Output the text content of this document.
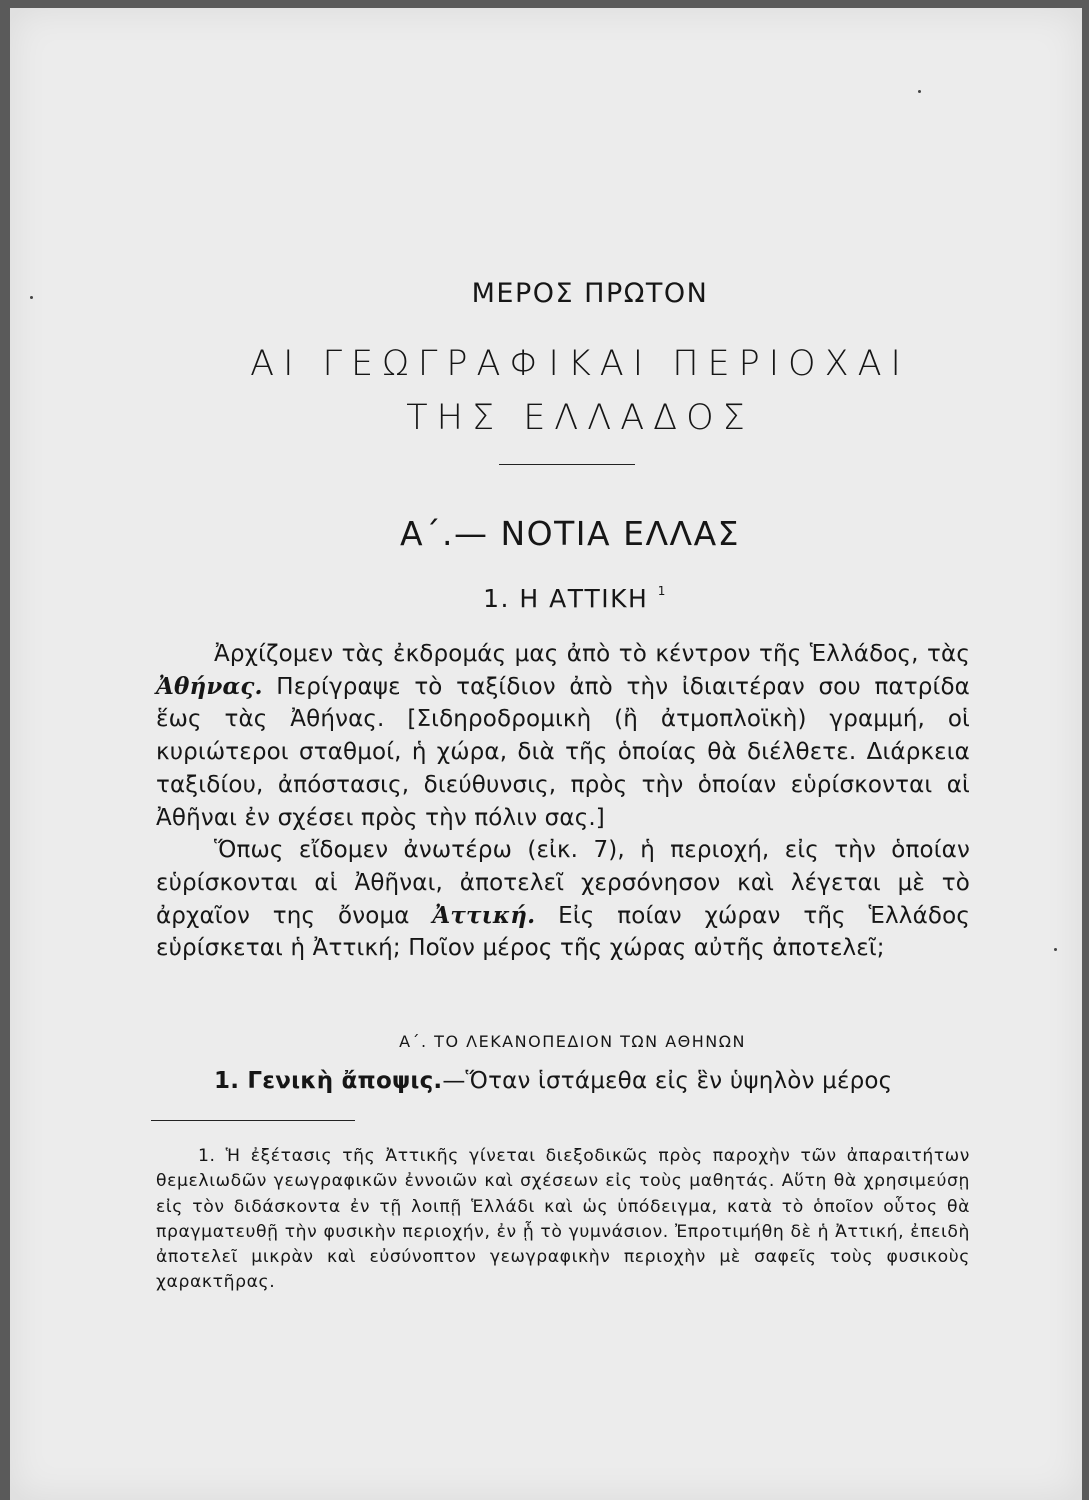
ΜΕΡΟΣ ΠΡΩΤΟΝ
ΑΙ ΓΕΩΓΡΑΦΙΚΑΙ ΠΕΡΙΟΧΑΙ
ΤΗΣ ΕΛΛΑΔΟΣ
Α΄.— ΝΟΤΙΑ ΕΛΛΑΣ
1. Η ΑΤΤΙΚΗ $^1$

Ἀρχίζομεν τὰς ἐκδρομάς μας ἀπὸ τὸ κέντρον τῆς Ἑλλάδος, τὰς Ἀθήνας. Περίγραψε τὸ ταξίδιον ἀπὸ τὴν ἰδιαιτέραν σου πατρίδα ἕως τὰς Ἀθήνας. [Σιδηροδρομικὴ (ἢ ἀτμοπλοϊκὴ) γραμμή, οἱ κυριώτεροι σταθμοί, ἡ χώρα, διὰ τῆς ὁποίας θὰ διέλθετε. Διάρκεια ταξιδίου, ἀπόστασις, διεύθυνσις, πρὸς τὴν ὁποίαν εὑρίσκονται αἱ Ἀθῆναι ἐν σχέσει πρὸς τὴν πόλιν σας.]

Ὅπως εἴδομεν ἀνωτέρω (εἰκ. 7), ἡ περιοχή, εἰς τὴν ὁποίαν εὑρίσκονται αἱ Ἀθῆναι, ἀποτελεῖ χερσόνησον καὶ λέγεται μὲ τὸ ἀρχαῖον της ὄνομα Ἀττική. Εἰς ποίαν χώραν τῆς Ἑλλάδος εὑρίσκεται ἡ Ἀττική; Ποῖον μέρος τῆς χώρας αὐτῆς ἀποτελεῖ;

Α΄. ΤΟ ΛΕΚΑΝΟΠΕΔΙΟΝ ΤΩΝ ΑΘΗΝΩΝ
1. Γενικὴ ἄποψις.—Ὅταν ἱστάμεθα εἰς ἓν ὑψηλὸν μέρος

1. Ἡ ἐξέτασις τῆς Ἀττικῆς γίνεται διεξοδικῶς πρὸς παροχὴν τῶν ἀπαραιτήτων θεμελιωδῶν γεωγραφικῶν ἐννοιῶν καὶ σχέσεων εἰς τοὺς μαθητάς. Αὕτη θὰ χρησιμεύσῃ εἰς τὸν διδάσκοντα ἐν τῇ λοιπῇ Ἑλλάδι καὶ ὡς ὑπόδειγμα, κατὰ τὸ ὁποῖον οὗτος θὰ πραγματευθῇ τὴν φυσικὴν περιοχήν, ἐν ᾗ τὸ γυμνάσιον. Ἐπροτιμήθη δὲ ἡ Ἀττική, ἐπειδὴ ἀποτελεῖ μικρὰν καὶ εὐσύνοπτον γεωγραφικὴν περιοχὴν μὲ σαφεῖς τοὺς φυσικοὺς χαρακτῆρας.
